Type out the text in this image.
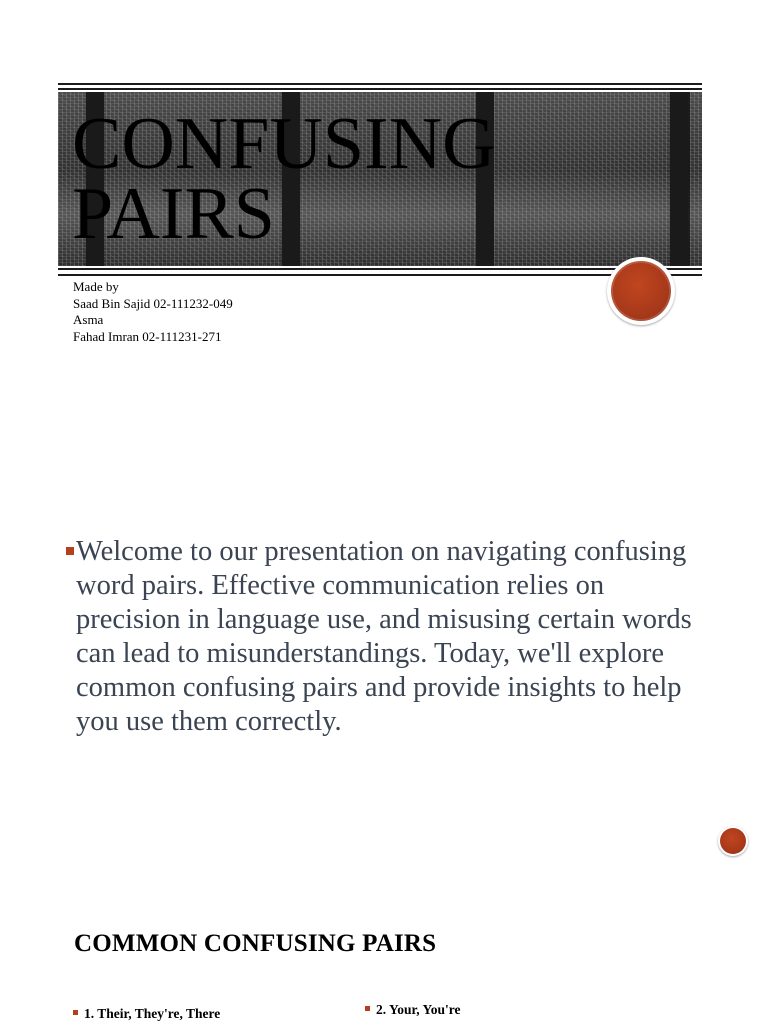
CONFUSING
PAIRS
Made by
Saad Bin Sajid 02-111232-049
Asma
Fahad Imran 02-111231-271

Welcome to our presentation on navigating confusing word pairs. Effective communication relies on precision in language use, and misusing certain words can lead to misunderstandings. Today, we'll explore common confusing pairs and provide insights to help you use them correctly.

COMMON CONFUSING PAIRS
1. Their, They're, There	2. Your, You're
